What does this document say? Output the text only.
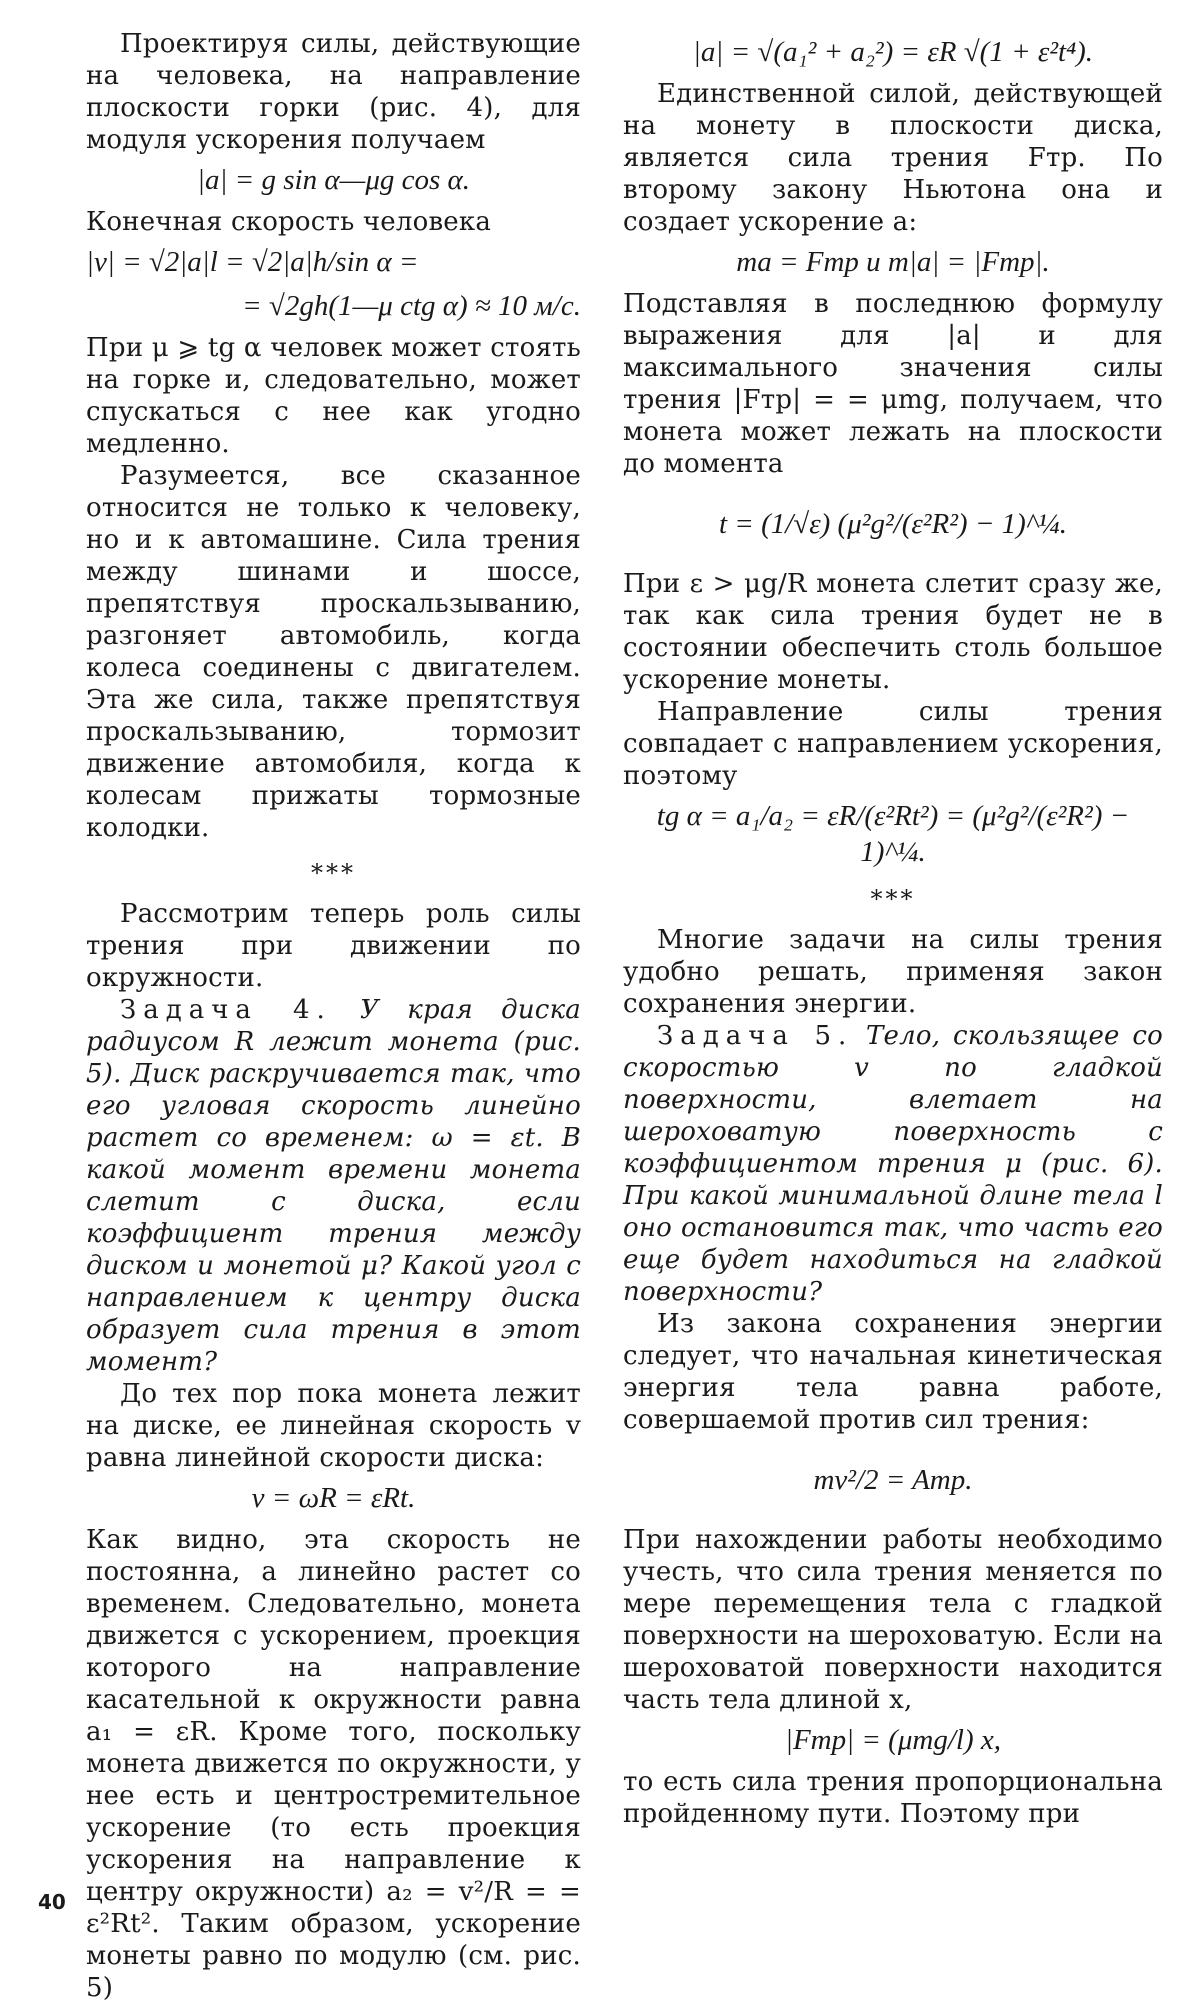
Проектируя силы, действующие на человека, на направление плоскости горки (рис. 4), для модуля ускорения получаем

|a| = g sin α—μg cos α.

Конечная скорость человека

|v| = √2|a|l = √2|a|h/sin α =
= √2gh(1—μ ctg α) ≈ 10 м/с.

При μ ⩾ tg α человек может стоять на горке и, следовательно, может спускаться с нее как угодно медленно.

Разумеется, все сказанное относится не только к человеку, но и к автомашине. Сила трения между шинами и шоссе, препятствуя проскальзыванию, разгоняет автомобиль, когда колеса соединены с двигателем. Эта же сила, также препятствуя проскальзыванию, тормозит движение автомобиля, когда к колесам прижаты тормозные колодки.

***

Рассмотрим теперь роль силы трения при движении по окружности.

Задача 4. У края диска радиусом R лежит монета (рис. 5). Диск раскручивается так, что его угловая скорость линейно растет со временем: ω = εt. В какой момент времени монета слетит с диска, если коэффициент трения между диском и монетой μ? Какой угол с направлением к центру диска образует сила трения в этот момент?

До тех пор пока монета лежит на диске, ее линейная скорость v равна линейной скорости диска:

v = ωR = εRt.

Как видно, эта скорость не постоянна, а линейно растет со временем. Следовательно, монета движется с ускорением, проекция которого на направление касательной к окружности равна a₁ = εR. Кроме того, поскольку монета движется по окружности, у нее есть и центростремительное ускорение (то есть проекция ускорения на направление к центру окружности) a₂ = v²/R = = ε²Rt². Таким образом, ускорение монеты равно по модулю (см. рис. 5)

|a| = √(a₁² + a₂²) = εR √(1 + ε²t⁴).

Единственной силой, действующей на монету в плоскости диска, является сила трения Fтр. По второму закону Ньютона она и создает ускорение a:

ma = Fтр и m|a| = |Fтр|.

Подставляя в последнюю формулу выражения для |a| и для максимального значения силы трения |Fтр| = = μmg, получаем, что монета может лежать на плоскости до момента

t = (1/√ε) (μ²g²/(ε²R²) − 1)^¼.

При ε > μg/R монета слетит сразу же, так как сила трения будет не в состоянии обеспечить столь большое ускорение монеты.

Направление силы трения совпадает с направлением ускорения, поэтому

tg α = a₁/a₂ = εR/(ε²Rt²) = (μ²g²/(ε²R²) − 1)^¼.
***

Многие задачи на силы трения удобно решать, применяя закон сохранения энергии.

Задача 5. Тело, скользящее со скоростью v по гладкой поверхности, влетает на шероховатую поверхность с коэффициентом трения μ (рис. 6). При какой минимальной длине тела l оно остановится так, что часть его еще будет находиться на гладкой поверхности?

Из закона сохранения энергии следует, что начальная кинетическая энергия тела равна работе, совершаемой против сил трения:

mv²/2 = Aтр.

При нахождении работы необходимо учесть, что сила трения меняется по мере перемещения тела с гладкой поверхности на шероховатую. Если на шероховатой поверхности находится часть тела длиной x,

|Fтр| = (μmg/l) x,

то есть сила трения пропорциональна пройденному пути. Поэтому при

40
